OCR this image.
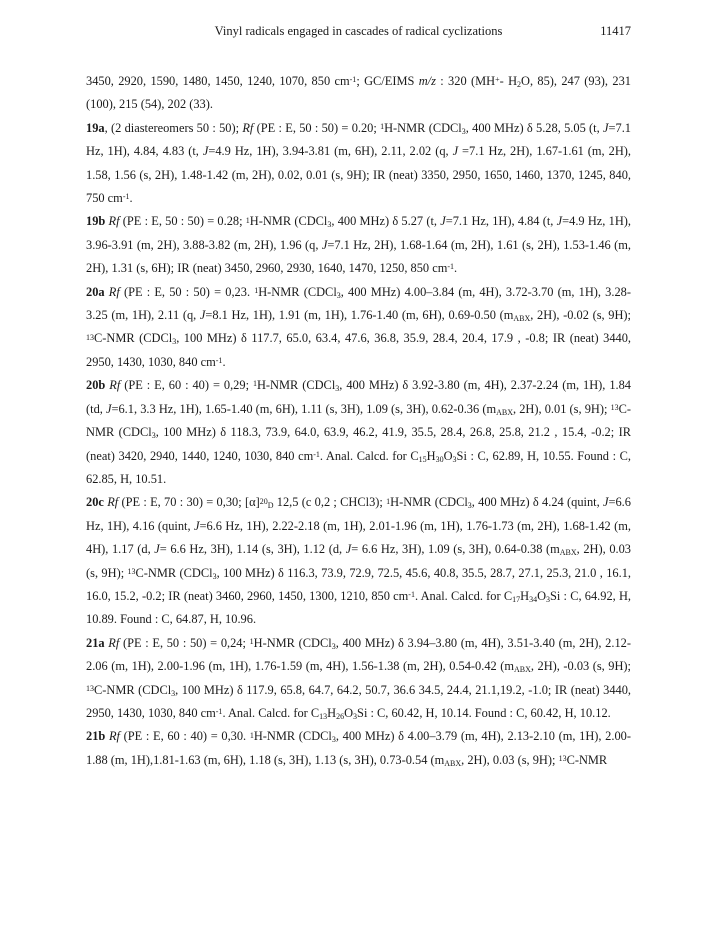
Vinyl radicals engaged in cascades of radical cyclizations	11417

3450, 2920, 1590, 1480, 1450, 1240, 1070, 850 $cm^{-1}$; GC/EIMS m/z : 320 (MH+- $H_2O$, 85), 247 (93), 231 (100), 215 (54), 202 (33).

19a, (2 diastereomers 50 : 50); Rf (PE : E, 50 : 50) = 0.20; $^1$H-NMR (CDCl$_3$, 400 MHz) δ 5.28, 5.05 (t, J=7.1 Hz, 1H), 4.84, 4.83 (t, J=4.9 Hz, 1H), 3.94-3.81 (m, 6H), 2.11, 2.02 (q, J =7.1 Hz, 2H), 1.67-1.61 (m, 2H), 1.58, 1.56 (s, 2H), 1.48-1.42 (m, 2H), 0.02, 0.01 (s, 9H); IR (neat) 3350, 2950, 1650, 1460, 1370, 1245, 840, 750 $cm^{-1}$.

19b Rf (PE : E, 50 : 50) = 0.28; $^1$H-NMR (CDCl$_3$, 400 MHz) δ 5.27 (t, J=7.1 Hz, 1H), 4.84 (t, J=4.9 Hz, 1H), 3.96-3.91 (m, 2H), 3.88-3.82 (m, 2H), 1.96 (q, J=7.1 Hz, 2H), 1.68-1.64 (m, 2H), 1.61 (s, 2H), 1.53-1.46 (m, 2H), 1.31 (s, 6H); IR (neat) 3450, 2960, 2930, 1640, 1470, 1250, 850 $cm^{-1}$.

20a Rf (PE : E, 50 : 50) = 0,23. $^1$H-NMR (CDCl$_3$, 400 MHz) 4.00–3.84 (m, 4H), 3.72-3.70 (m, 1H), 3.28-3.25 (m, 1H), 2.11 (q, J=8.1 Hz, 1H), 1.91 (m, 1H), 1.76-1.40 (m, 6H), 0.69-0.50 ($m_{ABX}$, 2H), -0.02 (s, 9H); $^{13}$C-NMR (CDCl$_3$, 100 MHz) δ 117.7, 65.0, 63.4, 47.6, 36.8, 35.9, 28.4, 20.4, 17.9 , -0.8; IR (neat) 3440, 2950, 1430, 1030, 840 $cm^{-1}$.

20b Rf (PE : E, 60 : 40) = 0,29; $^1$H-NMR (CDCl$_3$, 400 MHz) δ 3.92-3.80 (m, 4H), 2.37-2.24 (m, 1H), 1.84 (td, J=6.1, 3.3 Hz, 1H), 1.65-1.40 (m, 6H), 1.11 (s, 3H), 1.09 (s, 3H), 0.62-0.36 ($m_{ABX}$, 2H), 0.01 (s, 9H); $^{13}$C-NMR (CDCl$_3$, 100 MHz) δ 118.3, 73.9, 64.0, 63.9, 46.2, 41.9, 35.5, 28.4, 26.8, 25.8, 21.2 , 15.4, -0.2; IR (neat) 3420, 2940, 1440, 1240, 1030, 840 $cm^{-1}$. Anal. Calcd. for $C_{15}H_{30}O_3Si$ : C, 62.89, H, 10.55. Found : C, 62.85, H, 10.51.

20c Rf (PE : E, 70 : 30) = 0,30; $[\alpha]^{20}_D$ 12,5 (c 0,2 ; CHCl3); $^1$H-NMR (CDCl$_3$, 400 MHz) δ 4.24 (quint, J=6.6 Hz, 1H), 4.16 (quint, J=6.6 Hz, 1H), 2.22-2.18 (m, 1H), 2.01-1.96 (m, 1H), 1.76-1.73 (m, 2H), 1.68-1.42 (m, 4H), 1.17 (d, J= 6.6 Hz, 3H), 1.14 (s, 3H), 1.12 (d, J= 6.6 Hz, 3H), 1.09 (s, 3H), 0.64-0.38 ($m_{ABX}$, 2H), 0.03 (s, 9H); $^{13}$C-NMR (CDCl$_3$, 100 MHz) δ 116.3, 73.9, 72.9, 72.5, 45.6, 40.8, 35.5, 28.7, 27.1, 25.3, 21.0 , 16.1, 16.0, 15.2, -0.2; IR (neat) 3460, 2960, 1450, 1300, 1210, 850 $cm^{-1}$. Anal. Calcd. for $C_{17}H_{34}O_3Si$ : C, 64.92, H, 10.89. Found : C, 64.87, H, 10.96.

21a Rf (PE : E, 50 : 50) = 0,24; $^1$H-NMR (CDCl$_3$, 400 MHz) δ 3.94–3.80 (m, 4H), 3.51-3.40 (m, 2H), 2.12-2.06 (m, 1H), 2.00-1.96 (m, 1H), 1.76-1.59 (m, 4H), 1.56-1.38 (m, 2H), 0.54-0.42 ($m_{ABX}$, 2H), -0.03 (s, 9H); $^{13}$C-NMR (CDCl$_3$, 100 MHz) δ 117.9, 65.8, 64.7, 64.2, 50.7, 36.6 34.5, 24.4, 21.1,19.2, -1.0; IR (neat) 3440, 2950, 1430, 1030, 840 $cm^{-1}$. Anal. Calcd. for $C_{13}H_{26}O_3Si$ : C, 60.42, H, 10.14. Found : C, 60.42, H, 10.12.

21b Rf (PE : E, 60 : 40) = 0,30. $^1$H-NMR (CDCl$_3$, 400 MHz) δ 4.00–3.79 (m, 4H), 2.13-2.10 (m, 1H), 2.00-1.88 (m, 1H),1.81-1.63 (m, 6H), 1.18 (s, 3H), 1.13 (s, 3H), 0.73-0.54 ($m_{ABX}$, 2H), 0.03 (s, 9H); $^{13}$C-NMR
